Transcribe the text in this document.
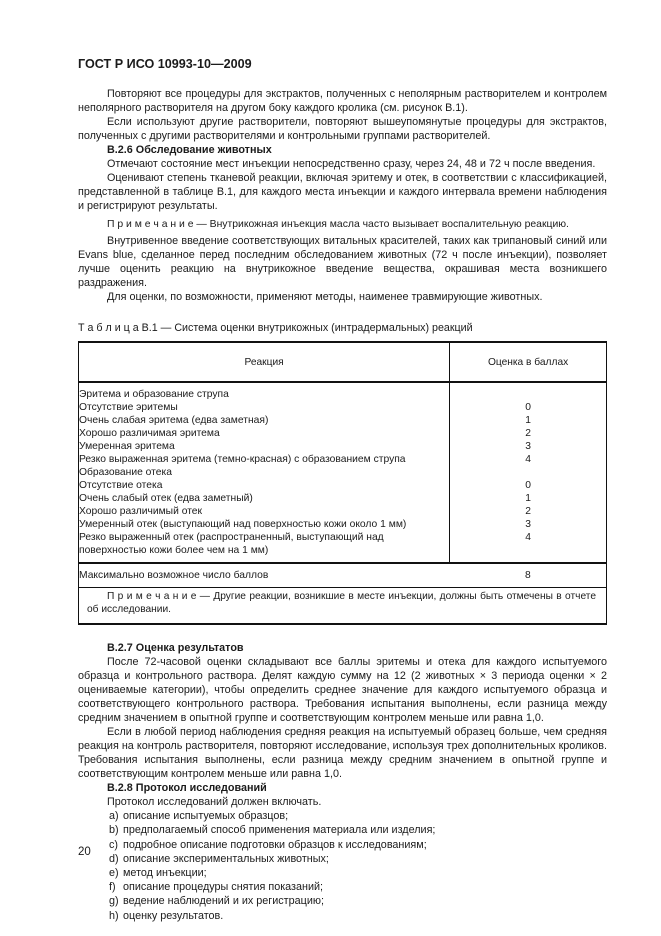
ГОСТ Р ИСО 10993-10—2009

Повторяют все процедуры для экстрактов, полученных с неполярным растворителем и контролем неполярного растворителя на другом боку каждого кролика (см. рисунок В.1).

Если используют другие растворители, повторяют вышеупомянутые процедуры для экстрактов, полученных с другими растворителями и контрольными группами растворителей.

В.2.6 Обследование животных

Отмечают состояние мест инъекции непосредственно сразу, через 24, 48 и 72 ч после введения.

Оценивают степень тканевой реакции, включая эритему и отек, в соответствии с классификацией, представленной в таблице В.1, для каждого места инъекции и каждого интервала времени наблюдения и регистрируют результаты.

П р и м е ч а н и е — Внутрикожная инъекция масла часто вызывает воспалительную реакцию.

Внутривенное введение соответствующих витальных красителей, таких как трипановый синий или Evans blue, сделанное перед последним обследованием животных (72 ч после инъекции), позволяет лучше оценить реакцию на внутрикожное введение вещества, окрашивая места возникшего раздражения.

Для оценки, по возможности, применяют методы, наименее травмирующие животных.

Т а б л и ц а В.1 — Система оценки внутрикожных (интрадермальных) реакций
Реакция	Оценка в баллах
Эритема и образование струпа	
Отсутствие эритемы	0
Очень слабая эритема (едва заметная)	1
Хорошо различимая эритема	2
Умеренная эритема	3
Резко выраженная эритема (темно-красная) с образованием струпа	4
Образование отека	
Отсутствие отека	0
Очень слабый отек (едва заметный)	1
Хорошо различимый отек	2
Умеренный отек (выступающий над поверхностью кожи около 1 мм)	3
Резко выраженный отек (распространенный, выступающий над поверхностью кожи более чем на 1 мм)	4
Максимально возможное число баллов	8
П р и м е ч а н и е — Другие реакции, возникшие в месте инъекции, должны быть отмечены в отчете об исследовании.	

В.2.7 Оценка результатов

После 72-часовой оценки складывают все баллы эритемы и отека для каждого испытуемого образца и контрольного раствора. Делят каждую сумму на 12 (2 животных × 3 периода оценки × 2 оцениваемые категории), чтобы определить среднее значение для каждого испытуемого образца и соответствующего контрольного раствора. Требования испытания выполнены, если разница между средним значением в опытной группе и соответствующим контролем меньше или равна 1,0.

Если в любой период наблюдения средняя реакция на испытуемый образец больше, чем средняя реакция на контроль растворителя, повторяют исследование, используя трех дополнительных кроликов. Требования испытания выполнены, если разница между средним значением в опытной группе и соответствующим контролем меньше или равна 1,0.

В.2.8 Протокол исследований

Протокол исследований должен включать.

a) описание испытуемых образцов;
b) предполагаемый способ применения материала или изделия;
c) подробное описание подготовки образцов к исследованиям;
d) описание экспериментальных животных;
e) метод инъекции;
f) описание процедуры снятия показаний;
g) ведение наблюдений и их регистрацию;
h) оценку результатов.
20
